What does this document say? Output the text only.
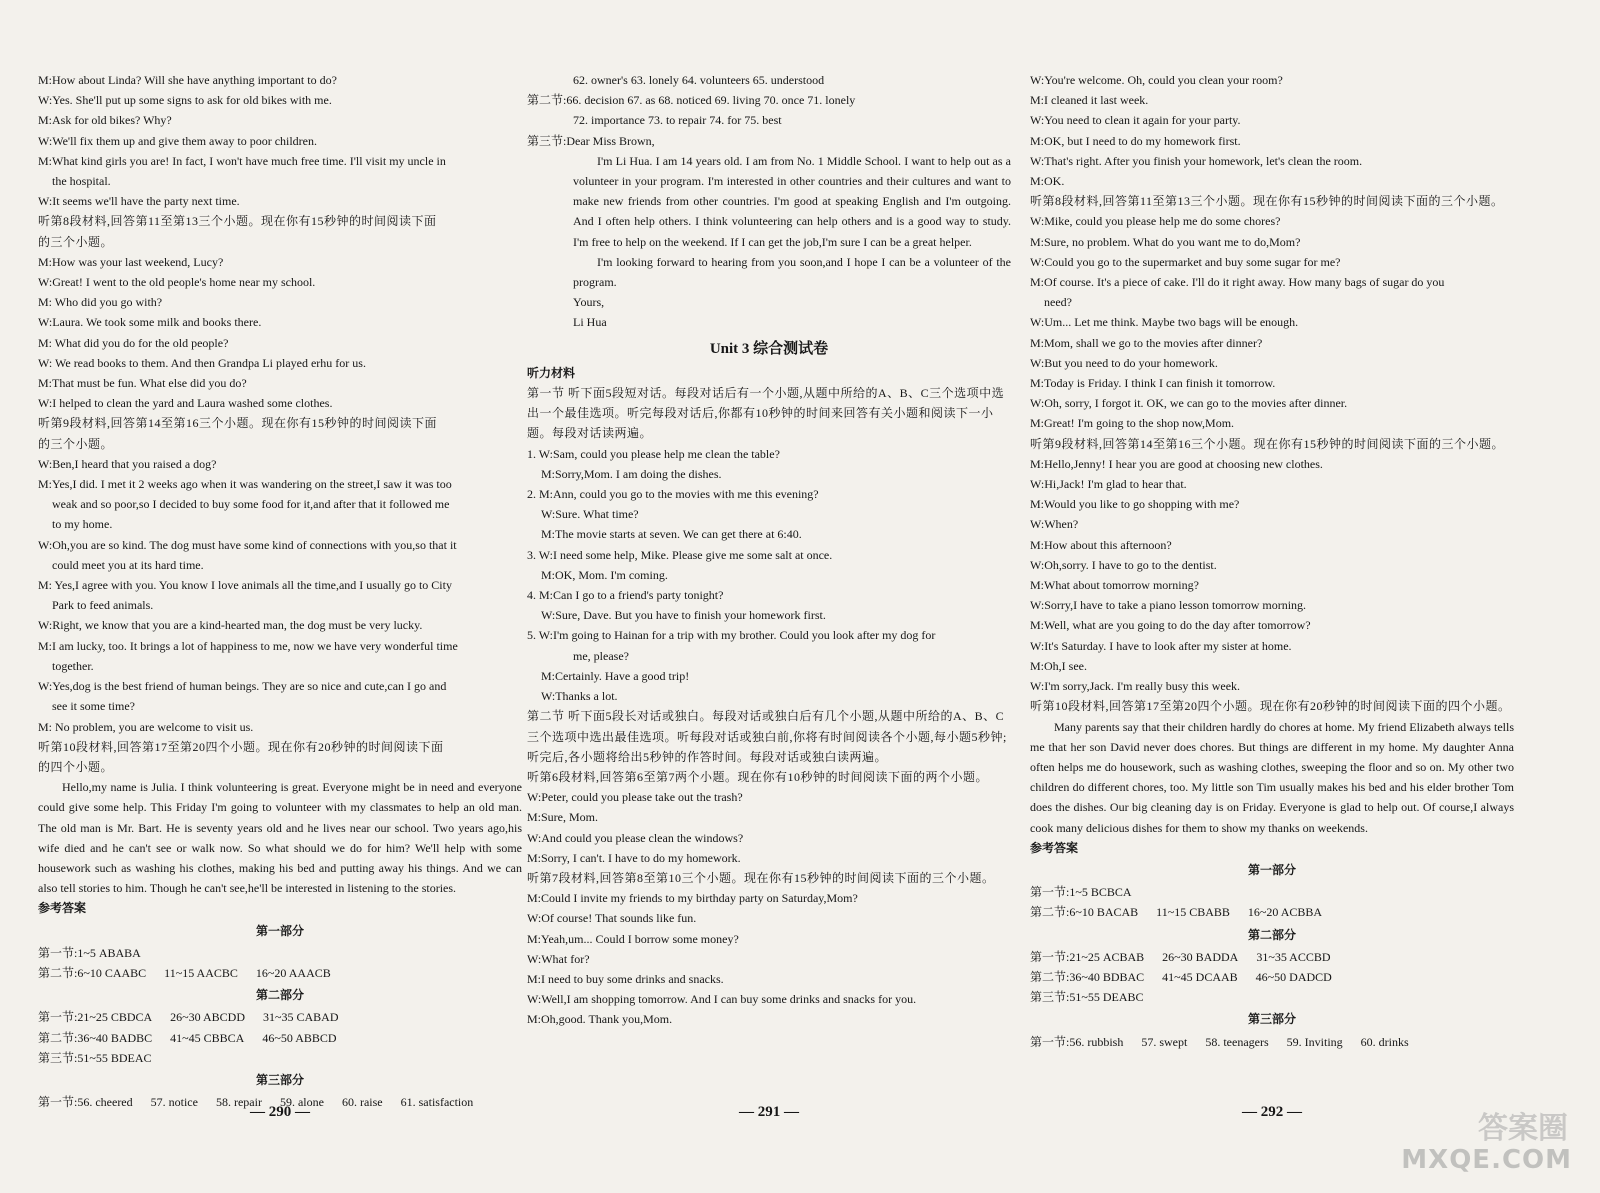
M:How about Linda? Will she have anything important to do?
W:Yes. She'll put up some signs to ask for old bikes with me.
M:Ask for old bikes? Why?
W:We'll fix them up and give them away to poor children.
M:What kind girls you are! In fact, I won't have much free time. I'll visit my uncle in
the hospital.
W:It seems we'll have the party next time.
听第8段材料,回答第11至第13三个小题。现在你有15秒钟的时间阅读下面
的三个小题。
M:How was your last weekend, Lucy?
W:Great! I went to the old people's home near my school.
M: Who did you go with?
W:Laura. We took some milk and books there.
M: What did you do for the old people?
W: We read books to them. And then Grandpa Li played erhu for us.
M:That must be fun. What else did you do?
W:I helped to clean the yard and Laura washed some clothes.
听第9段材料,回答第14至第16三个小题。现在你有15秒钟的时间阅读下面
的三个小题。
W:Ben,I heard that you raised a dog?
M:Yes,I did. I met it 2 weeks ago when it was wandering on the street,I saw it was too
weak and so poor,so I decided to buy some food for it,and after that it followed me
to my home.
W:Oh,you are so kind. The dog must have some kind of connections with you,so that it
could meet you at its hard time.
M: Yes,I agree with you. You know I love animals all the time,and I usually go to City
Park to feed animals.
W:Right, we know that you are a kind-hearted man, the dog must be very lucky.
M:I am lucky, too. It brings a lot of happiness to me, now we have very wonderful time
together.
W:Yes,dog is the best friend of human beings. They are so nice and cute,can I go and
see it some time?
M: No problem, you are welcome to visit us.
听第10段材料,回答第17至第20四个小题。现在你有20秒钟的时间阅读下面
的四个小题。
Hello,my name is Julia. I think volunteering is great. Everyone might be in need and everyone could give some help. This Friday I'm going to volunteer with my classmates to help an old man. The old man is Mr. Bart. He is seventy years old and he lives near our school. Two years ago,his wife died and he can't see or walk now. So what should we do for him? We'll help with some housework such as washing his clothes, making his bed and putting away his things. And we can also tell stories to him. Though he can't see,he'll be interested in listening to the stories.
参考答案
第一部分
第一节:1~5 ABABA
第二节:6~10 CAABC 11~15 AACBC 16~20 AAACB
第二部分
第一节:21~25 CBDCA 26~30 ABCDD 31~35 CABAD
第二节:36~40 BADBC 41~45 CBBCA 46~50 ABBCD
第三节:51~55 BDEAC
第三部分
第一节:56. cheered 57. notice 58. repair 59. alone 60. raise 61. satisfaction
— 290 —
62. owner's 63. lonely 64. volunteers 65. understood
第二节:66. decision 67. as 68. noticed 69. living 70. once 71. lonely
72. importance 73. to repair 74. for 75. best
第三节:Dear Miss Brown,
I'm Li Hua. I am 14 years old. I am from No. 1 Middle School. I want to help out as a volunteer in your program. I'm interested in other countries and their cultures and want to make new friends from other countries. I'm good at speaking English and I'm outgoing. And I often help others. I think volunteering can help others and is a good way to study. I'm free to help on the weekend. If I can get the job,I'm sure I can be a great helper.
I'm looking forward to hearing from you soon,and I hope I can be a volunteer of the program.
Yours,
Li Hua
Unit 3 综合测试卷
听力材料
第一节 听下面5段短对话。每段对话后有一个小题,从题中所给的A、B、C三个选项中选出一个最佳选项。听完每段对话后,你都有10秒钟的时间来回答有关小题和阅读下一小题。每段对话读两遍。
1. W:Sam, could you please help me clean the table?
M:Sorry,Mom. I am doing the dishes.
2. M:Ann, could you go to the movies with me this evening?
W:Sure. What time?
M:The movie starts at seven. We can get there at 6:40.
3. W:I need some help, Mike. Please give me some salt at once.
M:OK, Mom. I'm coming.
4. M:Can I go to a friend's party tonight?
W:Sure, Dave. But you have to finish your homework first.
5. W:I'm going to Hainan for a trip with my brother. Could you look after my dog for
me, please?
M:Certainly. Have a good trip!
W:Thanks a lot.
第二节 听下面5段长对话或独白。每段对话或独白后有几个小题,从题中所给的A、B、C三个选项中选出最佳选项。听每段对话或独白前,你将有时间阅读各个小题,每小题5秒钟;听完后,各小题将给出5秒钟的作答时间。每段对话或独白读两遍。
听第6段材料,回答第6至第7两个小题。现在你有10秒钟的时间阅读下面的两个小题。
W:Peter, could you please take out the trash?
M:Sure, Mom.
W:And could you please clean the windows?
M:Sorry, I can't. I have to do my homework.
听第7段材料,回答第8至第10三个小题。现在你有15秒钟的时间阅读下面的三个小题。
M:Could I invite my friends to my birthday party on Saturday,Mom?
W:Of course! That sounds like fun.
M:Yeah,um... Could I borrow some money?
W:What for?
M:I need to buy some drinks and snacks.
W:Well,I am shopping tomorrow. And I can buy some drinks and snacks for you.
M:Oh,good. Thank you,Mom.
— 291 —
W:You're welcome. Oh, could you clean your room?
M:I cleaned it last week.
W:You need to clean it again for your party.
M:OK, but I need to do my homework first.
W:That's right. After you finish your homework, let's clean the room.
M:OK.
听第8段材料,回答第11至第13三个小题。现在你有15秒钟的时间阅读下面的三个小题。
W:Mike, could you please help me do some chores?
M:Sure, no problem. What do you want me to do,Mom?
W:Could you go to the supermarket and buy some sugar for me?
M:Of course. It's a piece of cake. I'll do it right away. How many bags of sugar do you
need?
W:Um... Let me think. Maybe two bags will be enough.
M:Mom, shall we go to the movies after dinner?
W:But you need to do your homework.
M:Today is Friday. I think I can finish it tomorrow.
W:Oh, sorry, I forgot it. OK, we can go to the movies after dinner.
M:Great! I'm going to the shop now,Mom.
听第9段材料,回答第14至第16三个小题。现在你有15秒钟的时间阅读下面的三个小题。
M:Hello,Jenny! I hear you are good at choosing new clothes.
W:Hi,Jack! I'm glad to hear that.
M:Would you like to go shopping with me?
W:When?
M:How about this afternoon?
W:Oh,sorry. I have to go to the dentist.
M:What about tomorrow morning?
W:Sorry,I have to take a piano lesson tomorrow morning.
M:Well, what are you going to do the day after tomorrow?
W:It's Saturday. I have to look after my sister at home.
M:Oh,I see.
W:I'm sorry,Jack. I'm really busy this week.
听第10段材料,回答第17至第20四个小题。现在你有20秒钟的时间阅读下面的四个小题。
Many parents say that their children hardly do chores at home. My friend Elizabeth always tells me that her son David never does chores. But things are different in my home. My daughter Anna often helps me do housework, such as washing clothes, sweeping the floor and so on. My other two children do different chores, too. My little son Tim usually makes his bed and his elder brother Tom does the dishes. Our big cleaning day is on Friday. Everyone is glad to help out. Of course,I always cook many delicious dishes for them to show my thanks on weekends.
参考答案
第一部分
第一节:1~5 BCBCA
第二节:6~10 BACAB 11~15 CBABB 16~20 ACBBA
第二部分
第一节:21~25 ACBAB 26~30 BADDA 31~35 ACCBD
第二节:36~40 BDBAC 41~45 DCAAB 46~50 DADCD
第三节:51~55 DEABC
第三部分
第一节:56. rubbish 57. swept 58. teenagers 59. Inviting 60. drinks
— 292 —	答案圈
MXQE.COM
